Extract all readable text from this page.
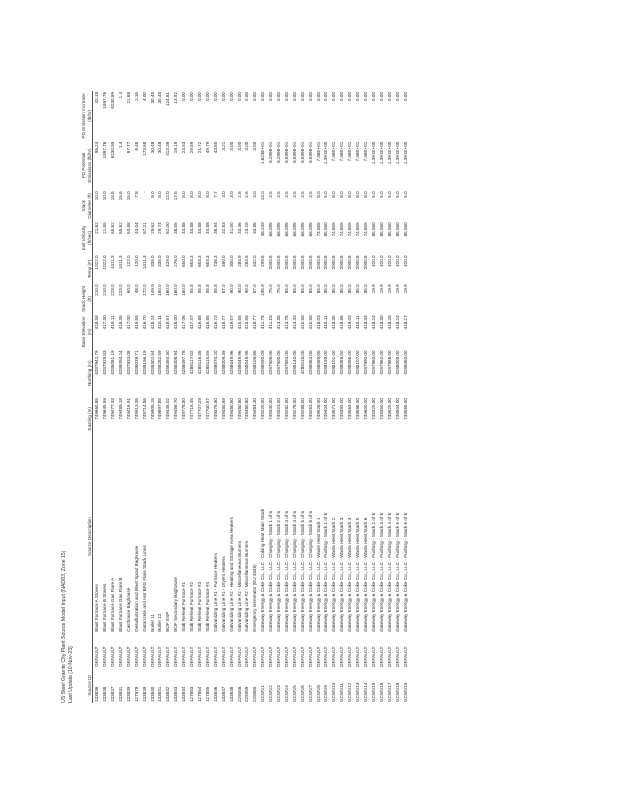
US Steel Granite City Plant Source Model Input (NAD83, Zone 15) Last Update [10-Nov-23]	Source ID		Source Description	Easting (m)	Northing (m)	Base Elevation (m)	Stack Height (ft)	Temp (F)	Exit Velocity (ft/sec)	Stack Diameter (ft)	PD Potential Emissions (lb/hr)	PD Emission Increase (lb/hr)
133836	DEFAULT	Blast Furnace A Stoves	749660.85	4287942.79	418.58	210.0	1022.0	21.62	10.0	95.24	42.18
133838	DEFAULT	Blast Furnace B Stoves	749645.59	4287929.83	417.30	210.0	1022.0	21.65	10.0	1897.76	1897.76
133837	DEFAULT	Blast Furnace Gas Flare A	749477.33	4288081.19	418.11	223.0	1411.3	65.62	15.6	6230.99	6230.99
133831	DEFAULT	Blast Furnace Gas Flare B	749489.18	4288094.24	418.35	223.0	1411.3	65.62	15.6	1.4	1.4
133839	DEFAULT	Casthouse Baghouse	749416.91	4287833.08	417.00	60.0	122.0	63.68	15.0	87.77	21.68
127979	DEFAULT	Desulfurization and Blast Spout Baghouse	749913.35	4288038.71	415.58	48.0	120.0	43.04	7.8	6.48	2.16
133839	DEFAULT	Gatorcrete and Hot BFG Flare Stack Lines	749714.86	4288196.19	416.70	172.0	1411.3	67.21	-	173.68	4.00
133840	DEFAULT	Boiler 11	749905.15	4288302.84	418.24	149.9	335.0	29.62	8.0	30.48	30.48
133841	DEFAULT	Boiler 12	749897.85	4288282.59	418.11	150.0	335.0	29.74	8.0	30.48	30.48
133842	DEFAULT	BOF ESP	749445.02	4288350.30	418.57	160.0	429.0	62.00	12.0	413.39	124.81
133843	DEFAULT	BOF Secondary Baghouse	749456.70	4288408.94	418.00	160.0	276.0	38.55	17.5	19.19	13.92
133844	DEFAULT	Slab Reheat Furnace #1	749778.80	4288097.78	417.06	180.0	650.0	44.88	8.0	23.53	0.00
127853	DEFAULT	Slab Reheat Furnace #2	747715.45	4288117.02	417.47	55.8	653.3	44.88	8.0	29.59	0.00
127854	DEFAULT	Slab Reheat Furnace #3	747707.29	4288116.38	416.88	55.8	653.3	44.88	8.0	21.72	0.00
127855	DEFAULT	Slab Reheat Furnace #4	747700.57	4288115.55	416.88	55.8	653.3	44.88	8.0	49.79	0.00
133846	DEFAULT	Galvanizing Line #1 - Furnace Heaters	749376.80	4288070.20	416.73	55.8	736.3	36.94	7.7	43.55	0.00
133847	DEFAULT	Galvanizing Line #1 - Dryers Heaters	749480.89	4288009.39	418.77	87.0	450.0	32.83	3.0	3.21	0.00
133848	DEFAULT	Galvanizing Line #2 - Heating and Storage Area Heaters	749480.80	4288049.96	419.57	90.0	300.0	41.00	3.0	3.00	0.00
229358	DEFAULT	Galvanizing Line #2 - Miscellaneous Burners	749480.80	4288049.96	415.58	90.0	284.9	33.36	2.6	3.00	0.00
229359	DEFAULT	Galvanizing Line #2 - Miscellaneous Burners	749480.80	4288049.96	415.58	90.0	284.9	23.16	2.6	3.00	0.00
229360	DEFAULT	Emergency Generator (EU 3345)	749484.30	4288109.68	418.77	87.0	432.0	33.86	3.0	3.00	0.00
GCWV1	DEFAULT	Gateway Energy & Coke Co., LLC - Coking Heat Main Stack	749225.00	4288090.09	411.78	195.9	299.8	48.249	13.0	1.623E+01	0.00
GCWV2	DEFAULT	Gateway Energy & Coke Co., LLC - Charging - Stack 1 of 6	749340.00	4287906.00	411.18	75.0	2000.8	68.095	4.5	6.299E-01	0.00
GCWV3	DEFAULT	Gateway Energy & Coke Co., LLC - Charging - Stack 2 of 6	749323.00	4287900.00	413.38	75.0	2000.8	68.095	4.5	6.299E-01	0.00
GCWV4	DEFAULT	Gateway Energy & Coke Co., LLC - Charging - Stack 3 of 6	749282.00	4287894.00	413.76	85.0	2000.8	68.095	4.5	6.699E-01	0.00
GCWV5	DEFAULT	Gateway Energy & Coke Co., LLC - Charging - Stack 4 of 6	749278.00	4288140.00	414.43	85.0	2000.8	68.095	4.5	6.699E-01	0.00
GCWV6	DEFAULT	Gateway Energy & Coke Co., LLC - Charging - Stack 5 of 6	749288.00	4288116.00	415.58	85.0	2000.8	68.095	4.5	6.699E-01	0.00
GCWV7	DEFAULT	Gateway Energy & Coke Co., LLC - Charging - Stack 6 of 6	749263.00	4288064.00	415.58	85.0	2000.8	68.095	4.5	6.699E-01	0.00
GCWV8	DEFAULT	Gateway Energy & Coke Co., LLC - Waste Heat Stack 1	749526.00	4288089.00	418.03	85.0	2000.8	74.655	8.0	7.36E+01	0.00
GCWV9	DEFAULT	Gateway Energy & Coke Co., LLC - Pushing - Stack 1 of 6	749404.00	4288199.00	418.11	85.0	2000.8	85.560	5.0	1.391E+00	0.00
GCWV10	DEFAULT	Gateway Energy & Coke Co., LLC - Waste Heat Stack 2	749571.00	4288101.00	418.35	85.0	2000.8	74.655	8.0	7.36E+01	0.00
GCWV11	DEFAULT	Gateway Energy & Coke Co., LLC - Waste Heat Stack 3	749393.00	4288089.00	418.56	85.0	2000.8	74.655	8.0	7.36E+01	0.00
GCWV12	DEFAULT	Gateway Energy & Coke Co., LLC - Waste Heat Stack 4	749563.00	4288096.00	418.03	85.0	2000.8	74.655	8.0	7.36E+01	0.00
GCWV13	DEFAULT	Gateway Energy & Coke Co., LLC - Waste Heat Stack 5	749596.00	4288107.00	418.11	85.0	2000.8	74.655	8.0	7.36E+01	0.00
GCWV14	DEFAULT	Gateway Energy & Coke Co., LLC - Waste Heat Stack 6	749600.00	4287990.00	418.34	85.0	2000.8	74.655	8.0	7.36E+01	0.00
GCWV15	DEFAULT	Gateway Energy & Coke Co., LLC - Pushing - Stack 2 of 6	749325.00	4287960.00	418.24	19.9	420.0	85.560	5.0	1.391E+00	0.00
GCWV16	DEFAULT	Gateway Energy & Coke Co., LLC - Pushing - Stack 3 of 6	749350.00	4287962.00	418.30	19.9	420.0	85.560	5.0	1.391E+00	0.00
GCWV17	DEFAULT	Gateway Energy & Coke Co., LLC - Pushing - Stack 4 of 6	749525.00	4287986.00	418.28	19.9	420.0	85.560	5.0	1.391E+00	0.00
GCWV18	DEFAULT	Gateway Energy & Coke Co., LLC - Pushing - Stack 5 of 6	749504.00	4288009.00	418.24	19.9	420.0	85.560	5.0	1.391E+00	0.00
GCWV19	DEFAULT	Gateway Energy & Coke Co., LLC - Pushing - Stack 6 of 6	749555.00	4288060.00	418.27	19.9	420.0	85.560	5.0	1.391E+00	0.00
